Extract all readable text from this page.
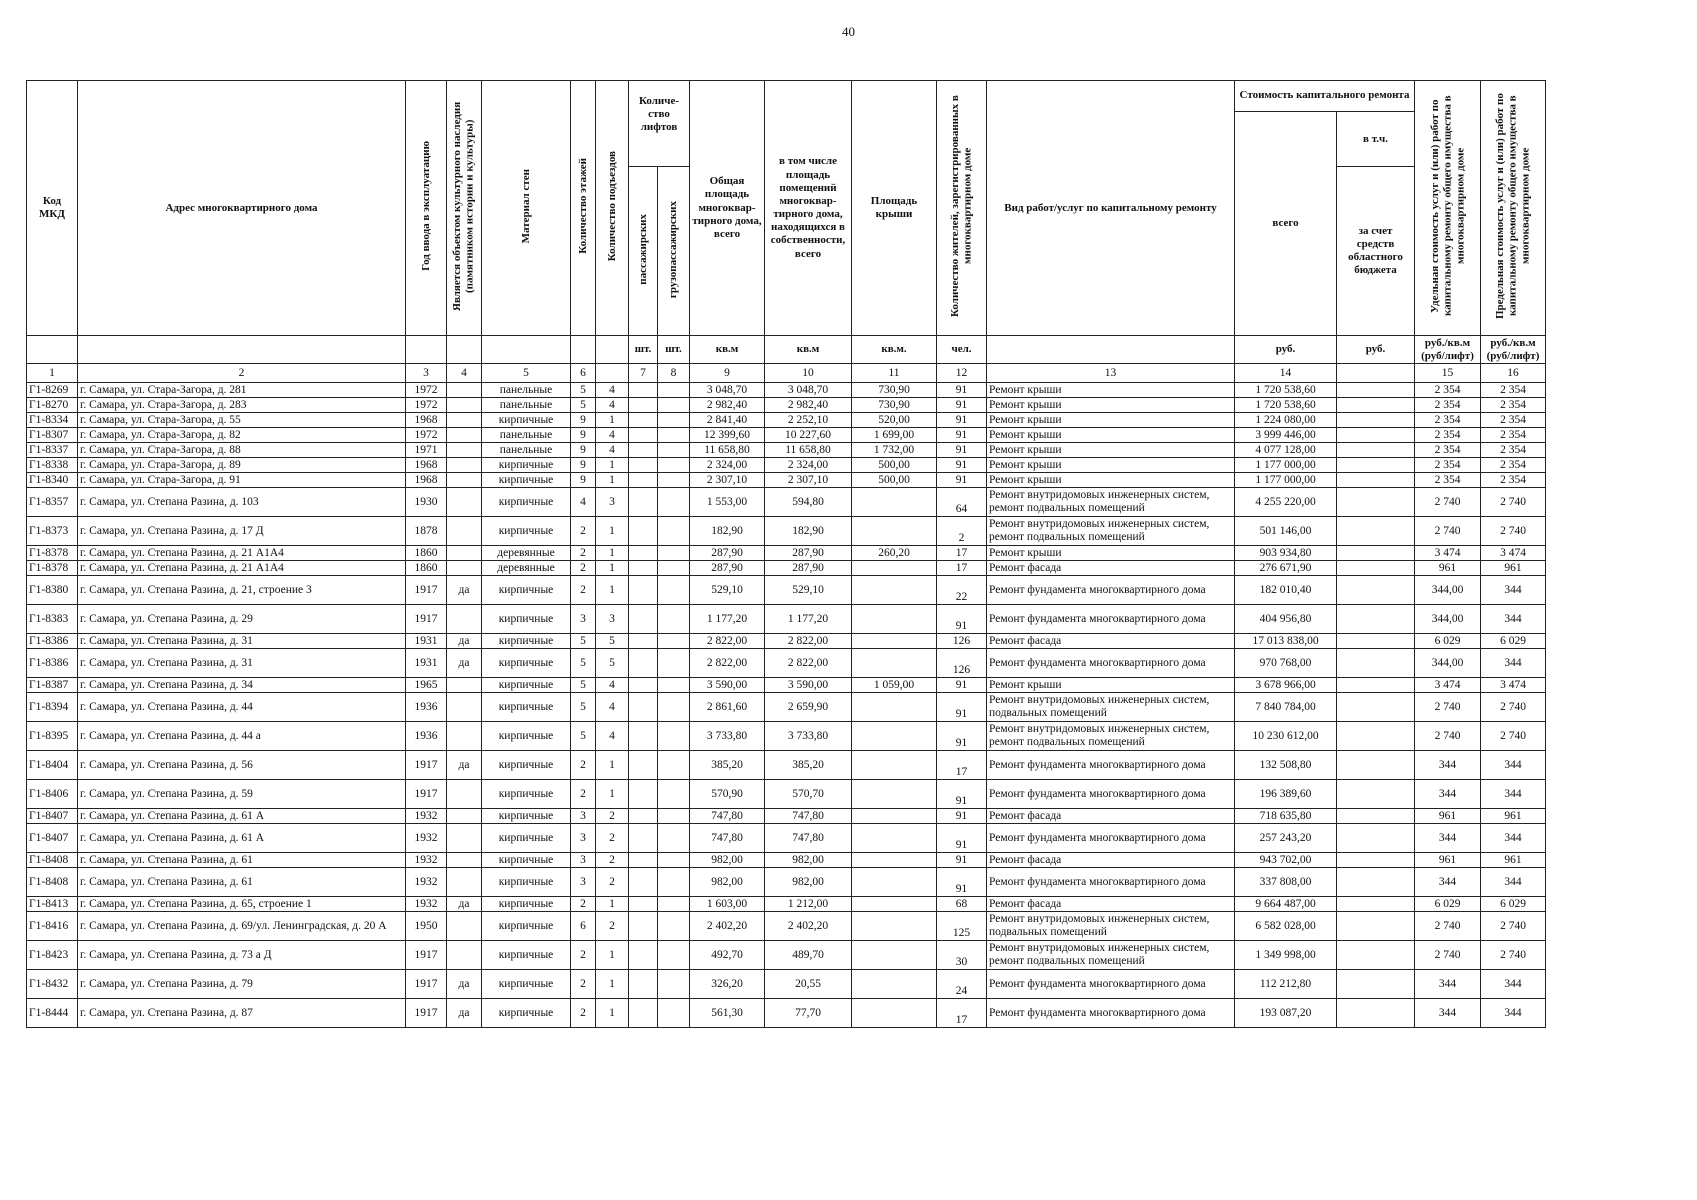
40
Код МКД	Адрес многоквартирного дома	Год ввода в эксплуатацию	Является объектом культурного наследия (памятником истории и культуры)	Материал стен	Количество этажей	Количество подъездов	Количе-ство лифтов		Общая площадь многоквар-тирного дома, всего	в том числе площадь помещений многоквар-тирного дома, находящихся в собственности, всего	Площадь крыши	Количество жителей, зарегистрированных в многоквартирном доме	Вид работ/услуг по капитальному ремонту	Стоимость капитального ремонта		Удельная стоимость услуг и (или) работ по капитальному ремонту общего имущества в многоквартирном доме	Предельная стоимость услуг и (или) работ по капитальному ремонту общего имущества в многоквартирном доме
														всего	в т.ч.		
							пассажирских	грузопассажирских							за счет средств областного бюджета		
							шт.	шт.	кв.м	кв.м	кв.м.	чел.		руб.	руб.	руб./кв.м (руб/лифт)	руб./кв.м (руб/лифт)
1	2	3	4	5	6		7	8	9	10	11	12	13	14		15	16
Г1-8269	г. Самара, ул. Стара-Загора, д. 281	1972		панельные	5	4			3 048,70	3 048,70	730,90	91	Ремонт крыши	1 720 538,60		2 354	2 354
Г1-8270	г. Самара, ул. Стара-Загора, д. 283	1972		панельные	5	4			2 982,40	2 982,40	730,90	91	Ремонт крыши	1 720 538,60		2 354	2 354
Г1-8334	г. Самара, ул. Стара-Загора, д. 55	1968		кирпичные	9	1			2 841,40	2 252,10	520,00	91	Ремонт крыши	1 224 080,00		2 354	2 354
Г1-8307	г. Самара, ул. Стара-Загора, д. 82	1972		панельные	9	4			12 399,60	10 227,60	1 699,00	91	Ремонт крыши	3 999 446,00		2 354	2 354
Г1-8337	г. Самара, ул. Стара-Загора, д. 88	1971		панельные	9	4			11 658,80	11 658,80	1 732,00	91	Ремонт крыши	4 077 128,00		2 354	2 354
Г1-8338	г. Самара, ул. Стара-Загора, д. 89	1968		кирпичные	9	1			2 324,00	2 324,00	500,00	91	Ремонт крыши	1 177 000,00		2 354	2 354
Г1-8340	г. Самара, ул. Стара-Загора, д. 91	1968		кирпичные	9	1			2 307,10	2 307,10	500,00	91	Ремонт крыши	1 177 000,00		2 354	2 354
Г1-8357	г. Самара, ул. Степана Разина, д. 103	1930		кирпичные	4	3			1 553,00	594,80		64	Ремонт внутридомовых инженерных систем, ремонт подвальных помещений	4 255 220,00		2 740	2 740
Г1-8373	г. Самара, ул. Степана Разина, д. 17 Д	1878		кирпичные	2	1			182,90	182,90		2	Ремонт внутридомовых инженерных систем, ремонт подвальных помещений	501 146,00		2 740	2 740
Г1-8378	г. Самара, ул. Степана Разина, д. 21 А1А4	1860		деревянные	2	1			287,90	287,90	260,20	17	Ремонт крыши	903 934,80		3 474	3 474
Г1-8378	г. Самара, ул. Степана Разина, д. 21 А1А4	1860		деревянные	2	1			287,90	287,90		17	Ремонт фасада	276 671,90		961	961
Г1-8380	г. Самара, ул. Степана Разина, д. 21, строение 3	1917	да	кирпичные	2	1			529,10	529,10		22	Ремонт фундамента многоквартирного дома	182 010,40		344,00	344
Г1-8383	г. Самара, ул. Степана Разина, д. 29	1917		кирпичные	3	3			1 177,20	1 177,20		91	Ремонт фундамента многоквартирного дома	404 956,80		344,00	344
Г1-8386	г. Самара, ул. Степана Разина, д. 31	1931	да	кирпичные	5	5			2 822,00	2 822,00		126	Ремонт фасада	17 013 838,00		6 029	6 029
Г1-8386	г. Самара, ул. Степана Разина, д. 31	1931	да	кирпичные	5	5			2 822,00	2 822,00		126	Ремонт фундамента многоквартирного дома	970 768,00		344,00	344
Г1-8387	г. Самара, ул. Степана Разина, д. 34	1965		кирпичные	5	4			3 590,00	3 590,00	1 059,00	91	Ремонт крыши	3 678 966,00		3 474	3 474
Г1-8394	г. Самара, ул. Степана Разина, д. 44	1936		кирпичные	5	4			2 861,60	2 659,90		91	Ремонт внутридомовых инженерных систем, подвальных помещений	7 840 784,00		2 740	2 740
Г1-8395	г. Самара, ул. Степана Разина, д. 44 а	1936		кирпичные	5	4			3 733,80	3 733,80		91	Ремонт внутридомовых инженерных систем, ремонт подвальных помещений	10 230 612,00		2 740	2 740
Г1-8404	г. Самара, ул. Степана Разина, д. 56	1917	да	кирпичные	2	1			385,20	385,20		17	Ремонт фундамента многоквартирного дома	132 508,80		344	344
Г1-8406	г. Самара, ул. Степана Разина, д. 59	1917		кирпичные	2	1			570,90	570,70		91	Ремонт фундамента многоквартирного дома	196 389,60		344	344
Г1-8407	г. Самара, ул. Степана Разина, д. 61 А	1932		кирпичные	3	2			747,80	747,80		91	Ремонт фасада	718 635,80		961	961
Г1-8407	г. Самара, ул. Степана Разина, д. 61 А	1932		кирпичные	3	2			747,80	747,80		91	Ремонт фундамента многоквартирного дома	257 243,20		344	344
Г1-8408	г. Самара, ул. Степана Разина, д. 61	1932		кирпичные	3	2			982,00	982,00		91	Ремонт фасада	943 702,00		961	961
Г1-8408	г. Самара, ул. Степана Разина, д. 61	1932		кирпичные	3	2			982,00	982,00		91	Ремонт фундамента многоквартирного дома	337 808,00		344	344
Г1-8413	г. Самара, ул. Степана Разина, д. 65, строение 1	1932	да	кирпичные	2	1			1 603,00	1 212,00		68	Ремонт фасада	9 664 487,00		6 029	6 029
Г1-8416	г. Самара, ул. Степана Разина, д. 69/ул. Ленинградская, д. 20 А	1950		кирпичные	6	2			2 402,20	2 402,20		125	Ремонт внутридомовых инженерных систем, подвальных помещений	6 582 028,00		2 740	2 740
Г1-8423	г. Самара, ул. Степана Разина, д. 73 а Д	1917		кирпичные	2	1			492,70	489,70		30	Ремонт внутридомовых инженерных систем, ремонт подвальных помещений	1 349 998,00		2 740	2 740
Г1-8432	г. Самара, ул. Степана Разина, д. 79	1917	да	кирпичные	2	1			326,20	20,55		24	Ремонт фундамента многоквартирного дома	112 212,80		344	344
Г1-8444	г. Самара, ул. Степана Разина, д. 87	1917	да	кирпичные	2	1			561,30	77,70		17	Ремонт фундамента многоквартирного дома	193 087,20		344	344
